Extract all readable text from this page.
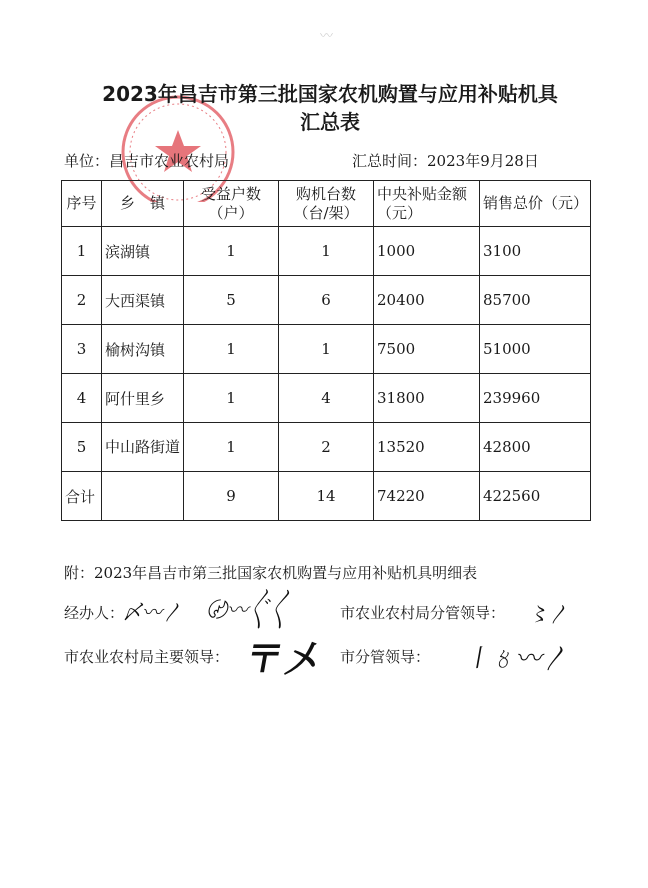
〰
2023年昌吉市第三批国家农机购置与应用补贴机具
汇总表
单位：昌吉市农业农村局	汇总时间：2023年9月28日
序号	乡　镇	受益户数（户）	购机台数（台/架）	中央补贴金额（元）	销售总价（元）
1	滨湖镇	1	1	1000	3100
2	大西渠镇	5	6	20400	85700
3	榆树沟镇	1	1	7500	51000
4	阿什里乡	1	4	31800	239960
5	中山路街道	1	2	13520	42800
合计		9	14	74220	422560
附：2023年昌吉市第三批国家农机购置与应用补贴机具明细表
经办人：
〆〰〳 〄〰〲〱	市农业农村局分管领导： 〻〳
市农业农村局主要领导： 〒〤 市分管领导： 〡〥〰〳
